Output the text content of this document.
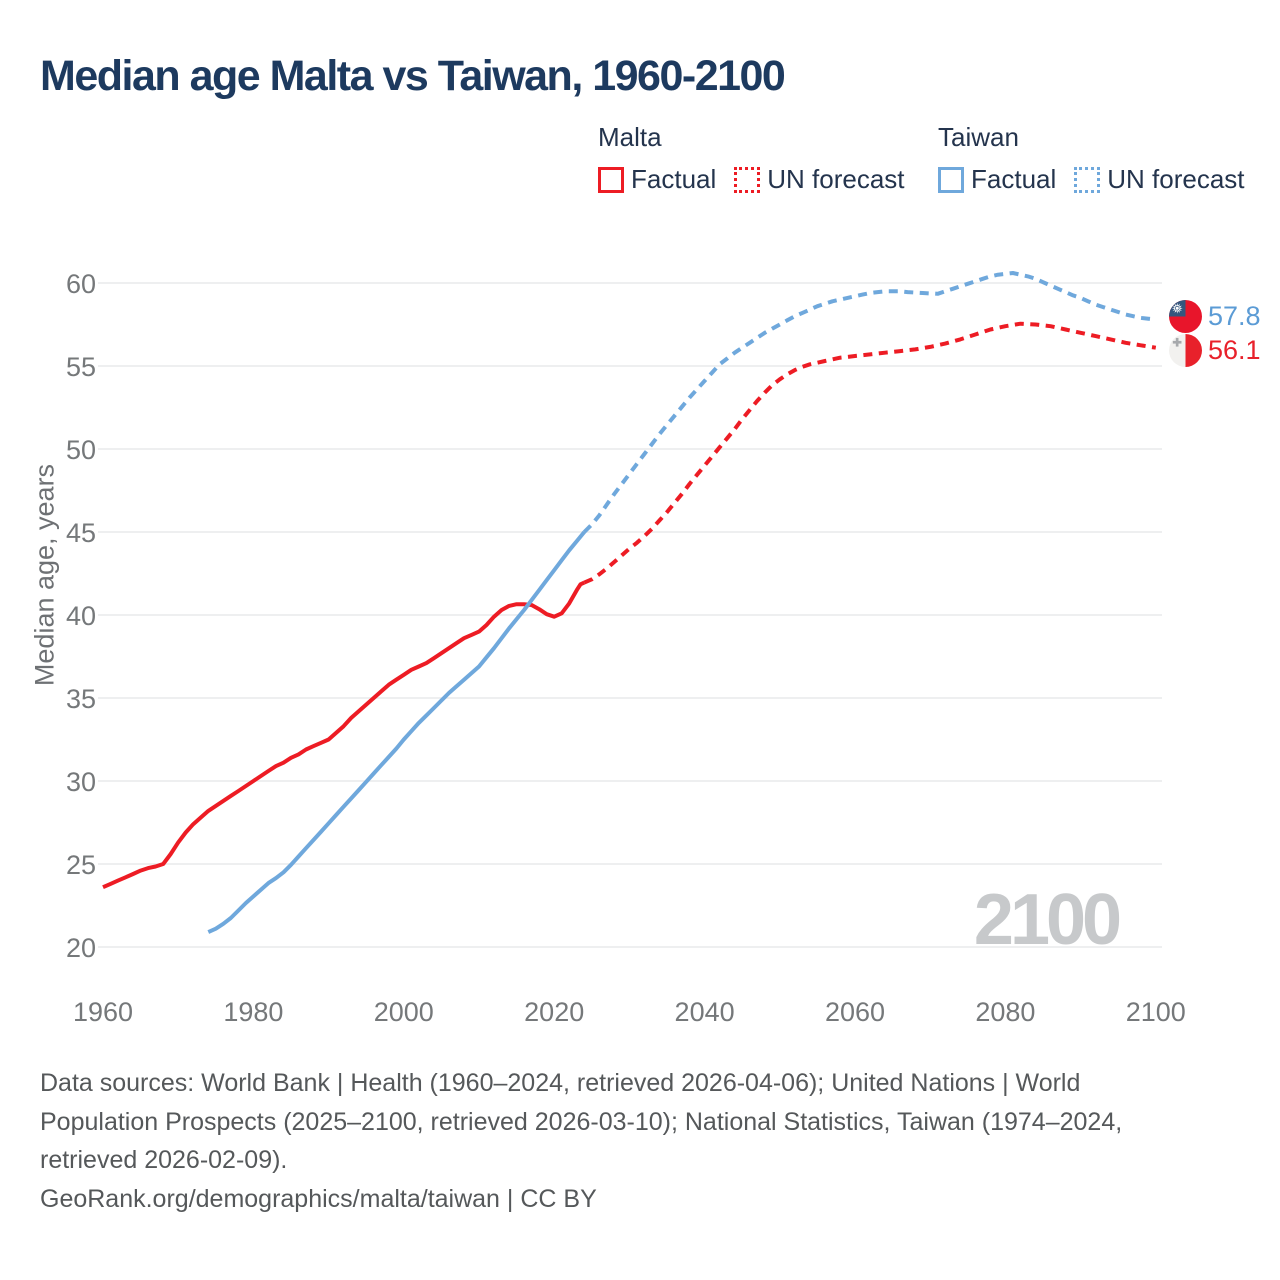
Median age Malta vs Taiwan, 1960-2100
Malta
Factual UN forecast
Taiwan
Factual UN forecast
Median age, years
20
25
30
35
40
45
50
55
60
1960	1980	2000	2020	2040	2060	2080	2100
2100
57.8
56.1
Data sources: World Bank | Health (1960–2024, retrieved 2026-04-06); United Nations | World
Population Prospects (2025–2100, retrieved 2026-03-10); National Statistics, Taiwan (1974–2024,
retrieved 2026-02-09).
GeoRank.org/demographics/malta/taiwan | CC BY
